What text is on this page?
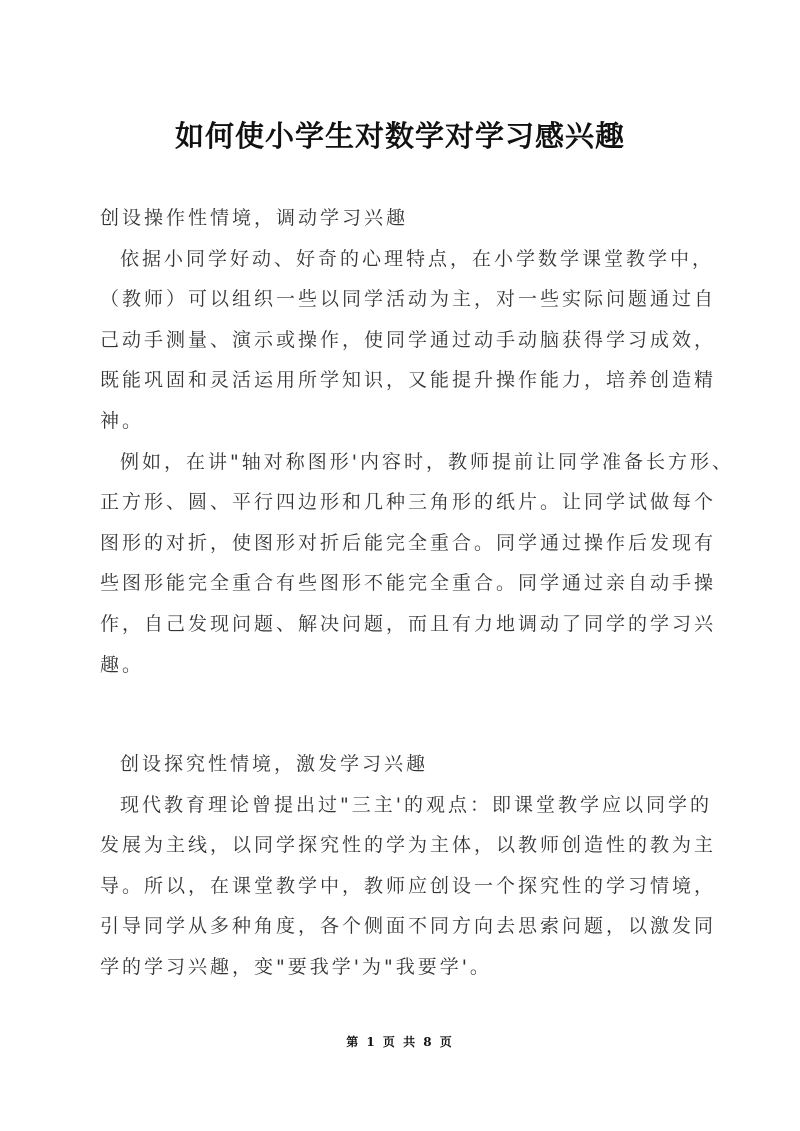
如何使小学生对数学对学习感兴趣
创设操作性情境，调动学习兴趣
依据小同学好动、好奇的心理特点，在小学数学课堂教学中，
（教师）可以组织一些以同学活动为主，对一些实际问题通过自
己动手测量、演示或操作，使同学通过动手动脑获得学习成效，
既能巩固和灵活运用所学知识，又能提升操作能力，培养创造精
神。
例如，在讲"轴对称图形'内容时，教师提前让同学准备长方形、
正方形、圆、平行四边形和几种三角形的纸片。让同学试做每个
图形的对折，使图形对折后能完全重合。同学通过操作后发现有
些图形能完全重合有些图形不能完全重合。同学通过亲自动手操
作，自己发现问题、解决问题，而且有力地调动了同学的学习兴
趣。
创设探究性情境，激发学习兴趣
现代教育理论曾提出过"三主'的观点：即课堂教学应以同学的
发展为主线，以同学探究性的学为主体，以教师创造性的教为主
导。所以，在课堂教学中，教师应创设一个探究性的学习情境，
引导同学从多种角度，各个侧面不同方向去思索问题，以激发同
学的学习兴趣，变"要我学'为"我要学'。
第 1 页 共 8 页
